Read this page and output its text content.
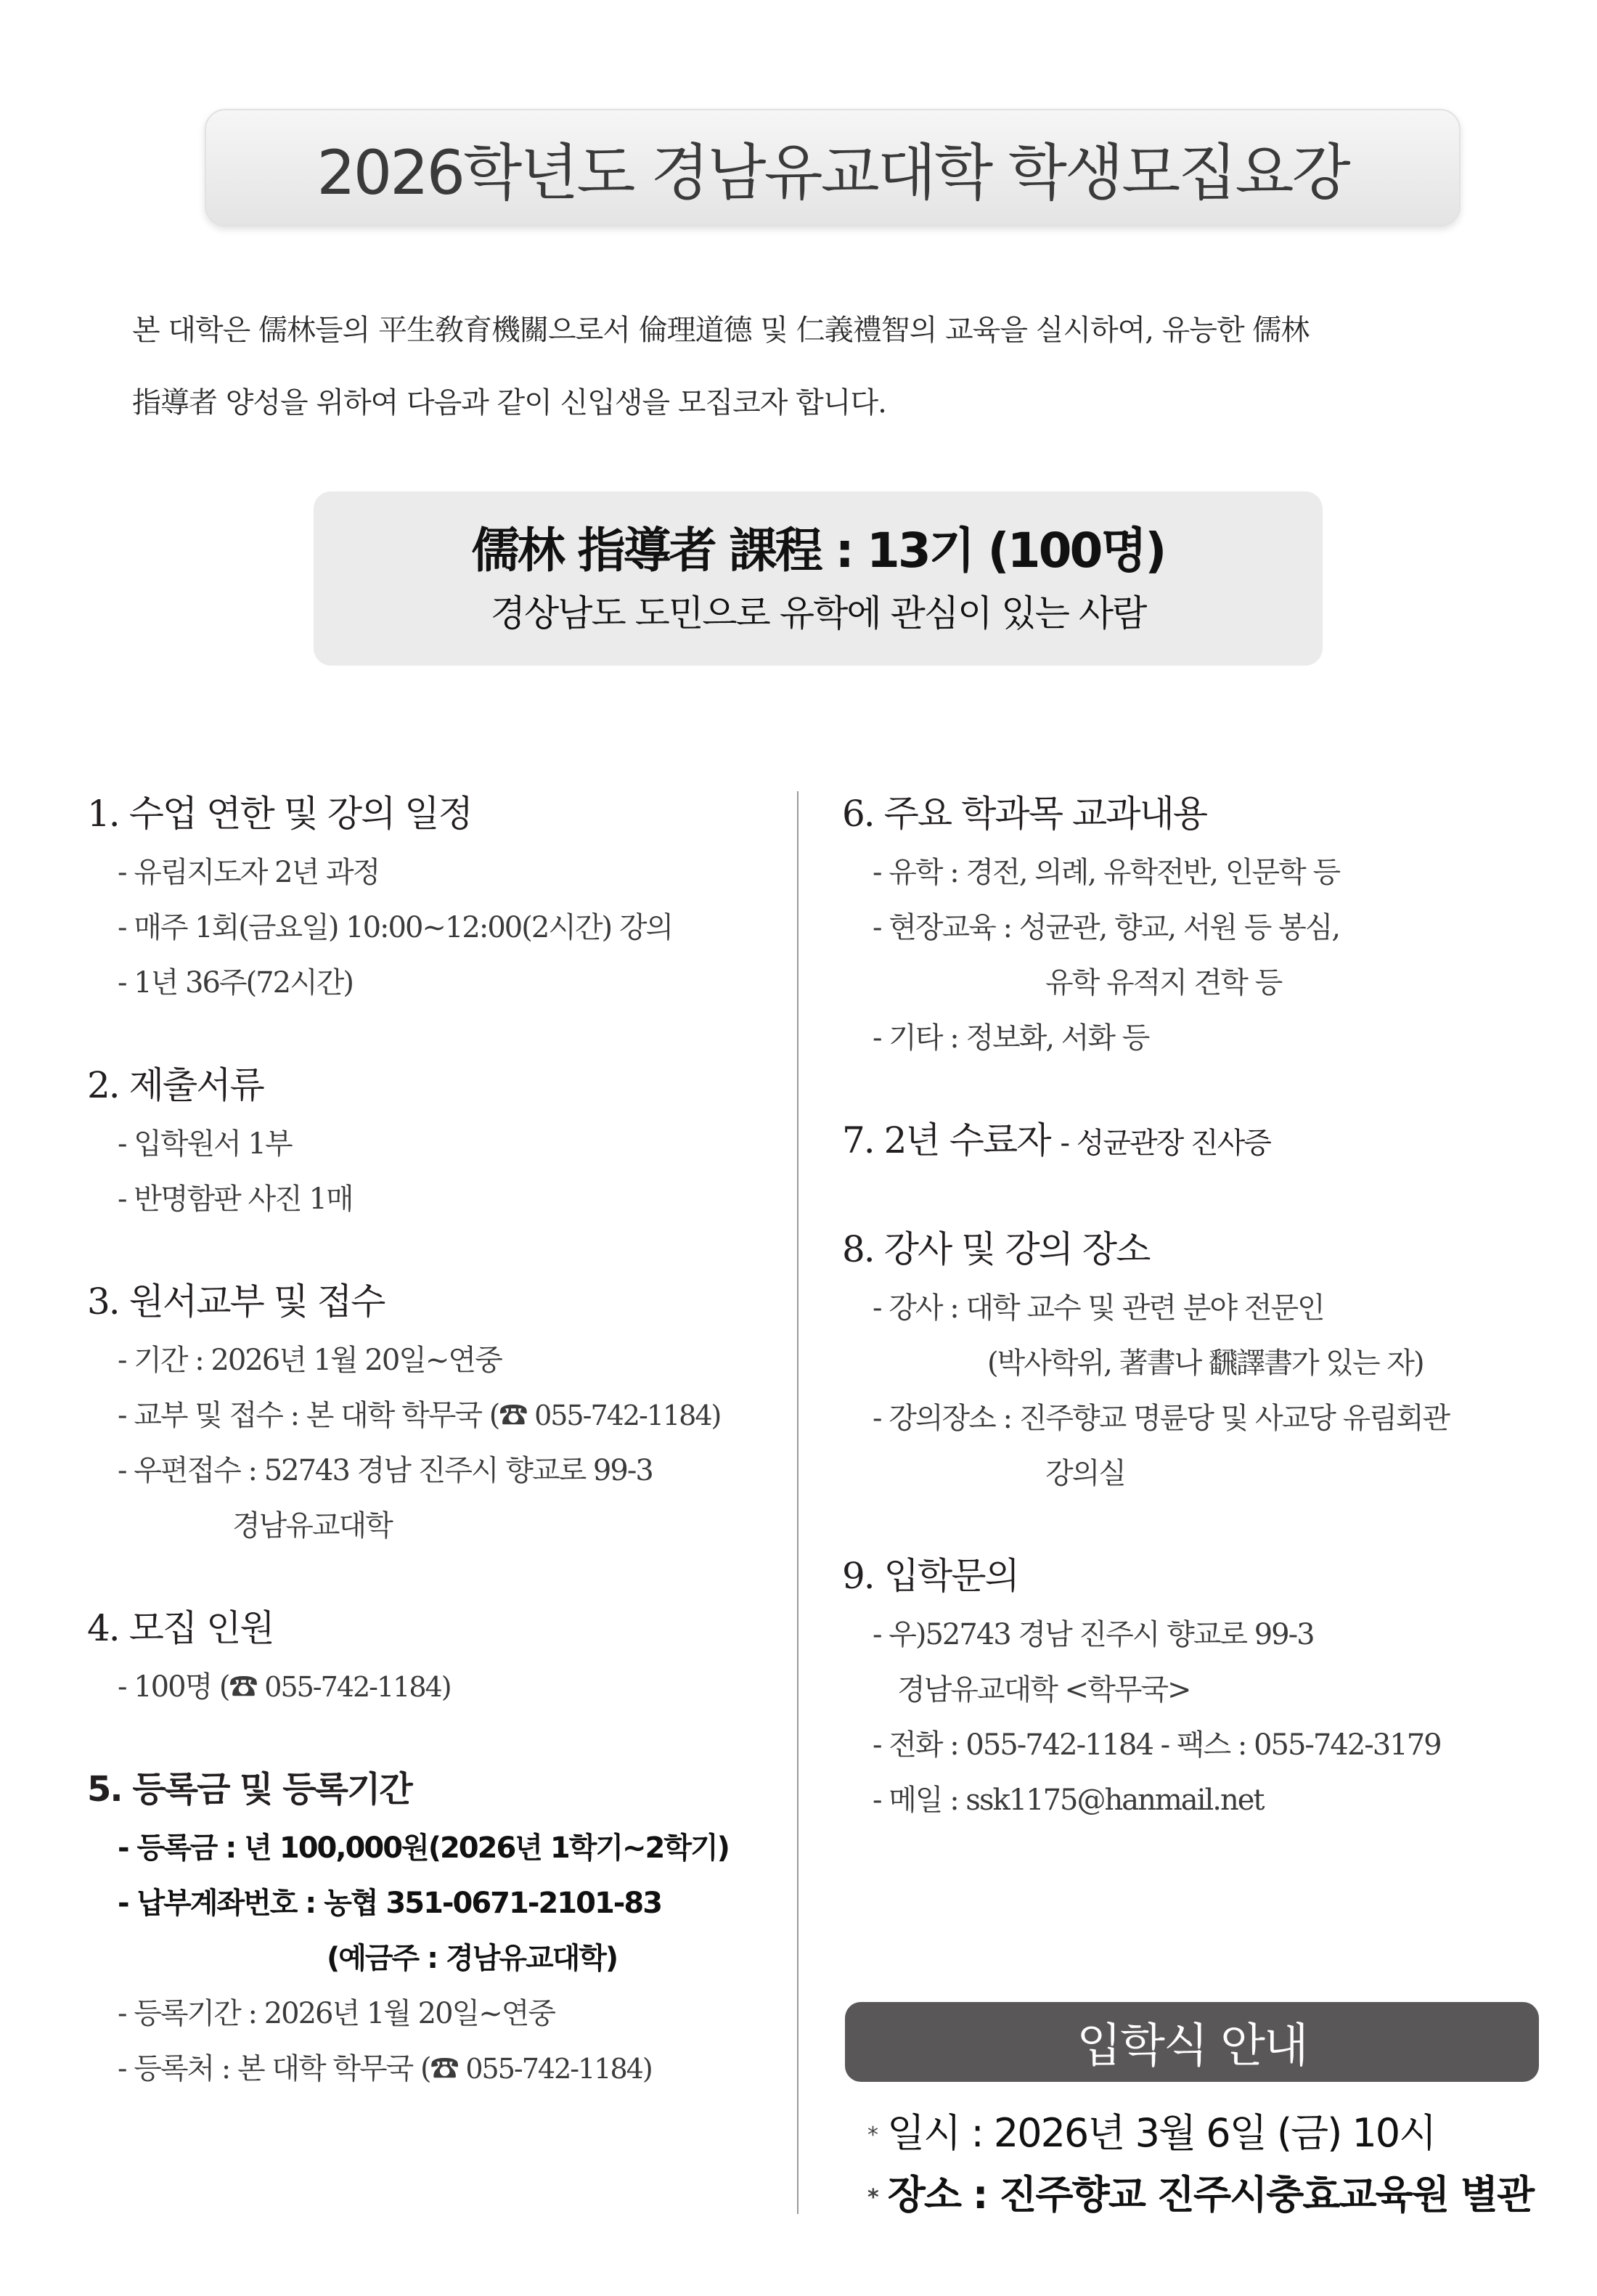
2026학년도 경남유교대학 학생모집요강

본 대학은 儒林들의 平生敎育機關으로서 倫理道德 및 仁義禮智의 교육을 실시하여, 유능한 儒林
指導者 양성을 위하여 다음과 같이 신입생을 모집코자 합니다.

儒林 指導者 課程 : 13기 (100명)
경상남도 도민으로 유학에 관심이 있는 사람
1. 수업 연한 및 강의 일정
- 유림지도자 2년 과정
- 매주 1회(금요일) 10:00~12:00(2시간) 강의
- 1년 36주(72시간)
2. 제출서류
- 입학원서 1부
- 반명함판 사진 1매
3. 원서교부 및 접수
- 기간 : 2026년 1월 20일~연중
- 교부 및 접수 : 본 대학 학무국 (☎ 055-742-1184)
- 우편접수 : 52743 경남 진주시 향교로 99-3
경남유교대학
4. 모집 인원
- 100명 (☎ 055-742-1184)
5. 등록금 및 등록기간
- 등록금 : 년 100,000원(2026년 1학기~2학기)
- 납부계좌번호 : 농협 351-0671-2101-83
(예금주 : 경남유교대학)
- 등록기간 : 2026년 1월 20일~연중
- 등록처 : 본 대학 학무국 (☎ 055-742-1184)
6. 주요 학과목 교과내용
- 유학 : 경전, 의례, 유학전반, 인문학 등
- 현장교육 : 성균관, 향교, 서원 등 봉심,
유학 유적지 견학 등
- 기타 : 정보화, 서화 등
7. 2년 수료자 - 성균관장 진사증
8. 강사 및 강의 장소
- 강사 : 대학 교수 및 관련 분야 전문인
(박사학위, 著書나 飜譯書가 있는 자)
- 강의장소 : 진주향교 명륜당 및 사교당 유림회관
강의실
9. 입학문의
- 우)52743 경남 진주시 향교로 99-3
경남유교대학 <학무국>
- 전화 : 055-742-1184 - 팩스 : 055-742-3179
- 메일 : ssk1175@hanmail.net
입학식 안내
* 일시 : 2026년 3월 6일 (금) 10시
* 장소 : 진주향교 진주시충효교육원 별관
